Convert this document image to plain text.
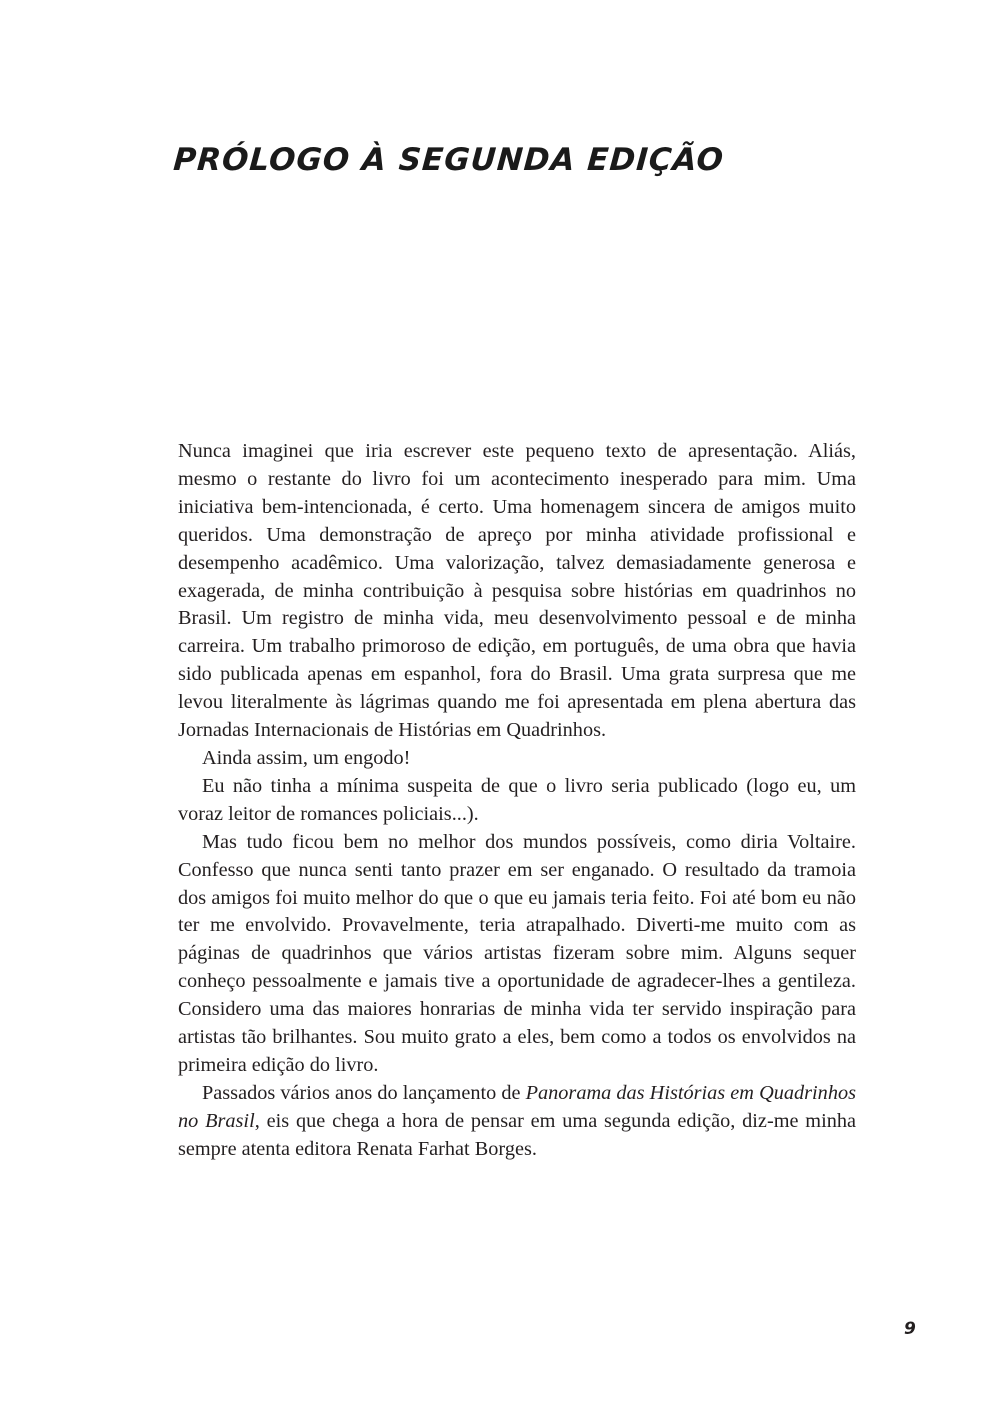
PRÓLOGO À SEGUNDA EDIÇÃO

Nunca imaginei que iria escrever este pequeno texto de apresentação. Aliás, mesmo o restante do livro foi um acontecimento inesperado para mim. Uma iniciativa bem-intencionada, é certo. Uma homenagem sincera de amigos muito queridos. Uma demonstração de apreço por minha atividade profissional e desempenho acadêmico. Uma valorização, talvez demasiadamente generosa e exagerada, de minha contribuição à pesquisa sobre histórias em quadrinhos no Brasil. Um registro de minha vida, meu desenvolvimento pessoal e de minha carreira. Um trabalho primoroso de edição, em português, de uma obra que havia sido publicada apenas em espanhol, fora do Brasil. Uma grata surpresa que me levou literalmente às lágrimas quando me foi apresentada em plena abertura das Jornadas Internacionais de Histórias em Quadrinhos.

Ainda assim, um engodo!

Eu não tinha a mínima suspeita de que o livro seria publicado (logo eu, um voraz leitor de romances policiais...).

Mas tudo ficou bem no melhor dos mundos possíveis, como diria Voltaire. Confesso que nunca senti tanto prazer em ser enganado. O resultado da tramoia dos amigos foi muito melhor do que o que eu jamais teria feito. Foi até bom eu não ter me envolvido. Provavelmente, teria atrapalhado. Diverti-me muito com as páginas de quadrinhos que vários artistas fizeram sobre mim. Alguns sequer conheço pessoalmente e jamais tive a oportunidade de agradecer-lhes a gentileza. Considero uma das maiores honrarias de minha vida ter servido inspiração para artistas tão brilhantes. Sou muito grato a eles, bem como a todos os envolvidos na primeira edição do livro.

Passados vários anos do lançamento de Panorama das Histórias em Quadrinhos no Brasil, eis que chega a hora de pensar em uma segunda edição, diz-me minha sempre atenta editora Renata Farhat Borges.

9
